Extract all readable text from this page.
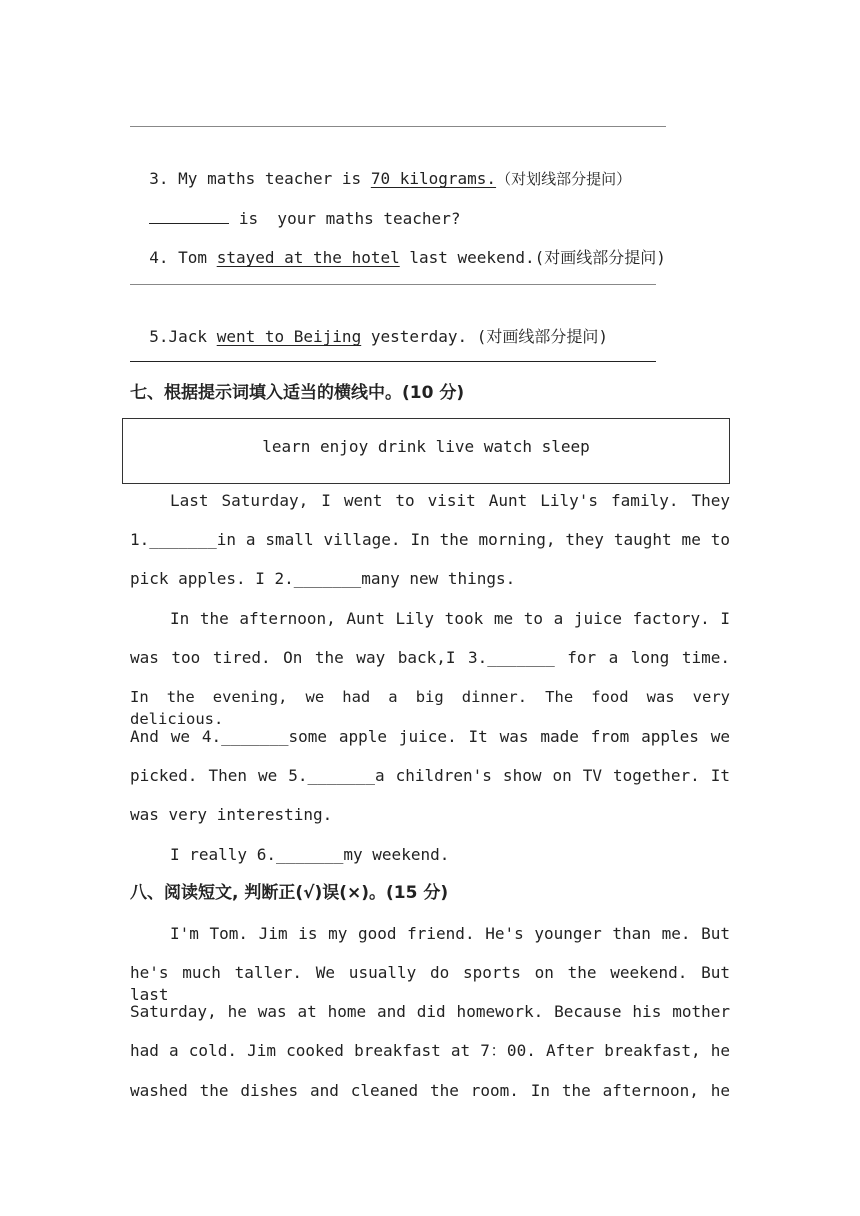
3. My maths teacher is 70 kilograms.（对划线部分提问）

is  your maths teacher?

4. Tom stayed at the hotel last weekend.(对画线部分提问)

5.Jack went to Beijing yesterday. (对画线部分提问)

七、根据提示词填入适当的横线中。(10 分)
learn enjoy drink live watch sleep
Last Saturday, I went to visit Aunt Lily's family. They
1._______in a small village. In the morning, they taught me to
pick apples. I 2._______many new things.
In the afternoon, Aunt Lily took me to a juice factory. I
was too tired. On the way back,I 3._______ for a long time.
In the evening, we had a big dinner. The food was very delicious.
And we 4._______some apple juice. It was made from apples we
picked. Then we 5._______a children's show on TV together. It
was very interesting.
I really 6._______my weekend.
八、阅读短文, 判断正(√)误(×)。(15 分)
I'm Tom. Jim is my good friend. He's younger than me. But
he's much taller. We usually do sports on the weekend. But last
Saturday, he was at home and did homework. Because his mother
had a cold. Jim cooked breakfast at 7：00. After breakfast, he
washed the dishes and cleaned the room. In the afternoon, he
